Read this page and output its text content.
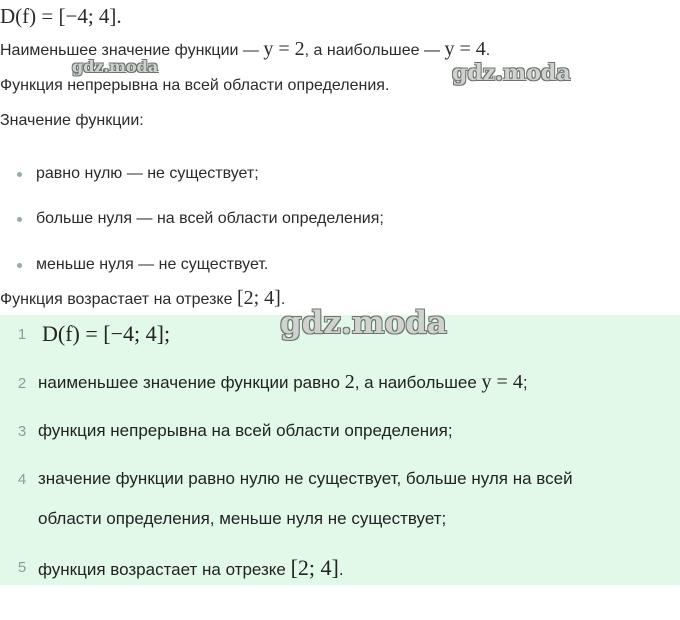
D(f) = [−4; 4].
Наименьшее значение функции — y = 2, а наибольшее — y = 4.
Функция непрерывна на всей области определения.
Значение функции:
равно нулю — не существует;
больше нуля — на всей области определения;
меньше нуля — не существует.
Функция возрастает на отрезке [2; 4].
1 D(f) = [−4; 4];
2 наименьшее значение функции равно 2, а наибольшее y = 4;
3 функция непрерывна на всей области определения;
4 значение функции равно нулю не существует, больше нуля на всей
области определения, меньше нуля не существует;
5 функция возрастает на отрезке [2; 4].
gdz.moda	gdz.moda
gdz.moda
